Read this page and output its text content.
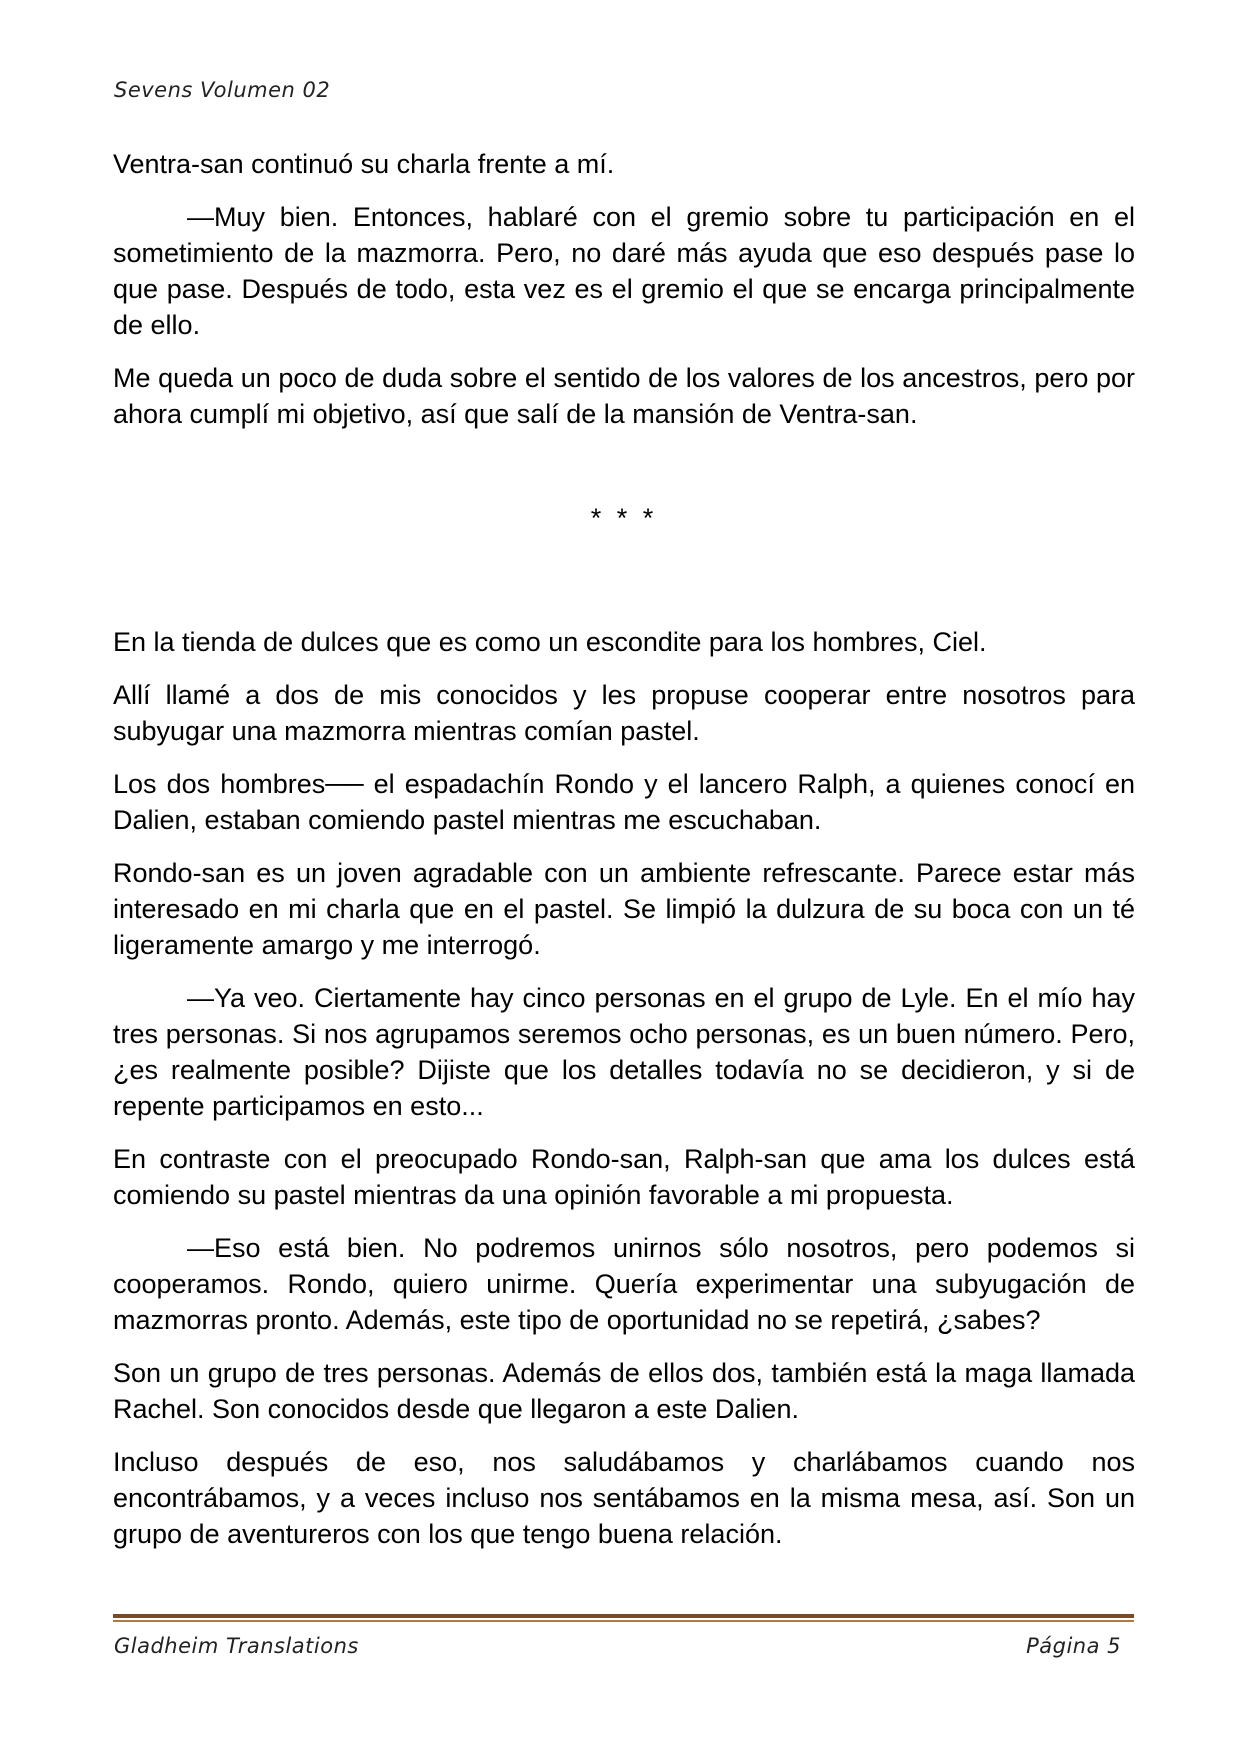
Sevens Volumen 02

Ventra-san continuó su charla frente a mí.

—Muy bien. Entonces, hablaré con el gremio sobre tu participación en el sometimiento de la mazmorra. Pero, no daré más ayuda que eso después pase lo que pase. Después de todo, esta vez es el gremio el que se encarga principalmente de ello.

Me queda un poco de duda sobre el sentido de los valores de los ancestros, pero por ahora cumplí mi objetivo, así que salí de la mansión de Ventra-san.

* * *

En la tienda de dulces que es como un escondite para los hombres, Ciel.

Allí llamé a dos de mis conocidos y les propuse cooperar entre nosotros para subyugar una mazmorra mientras comían pastel.

Los dos hombres── el espadachín Rondo y el lancero Ralph, a quienes conocí en Dalien, estaban comiendo pastel mientras me escuchaban.

Rondo-san es un joven agradable con un ambiente refrescante. Parece estar más interesado en mi charla que en el pastel. Se limpió la dulzura de su boca con un té ligeramente amargo y me interrogó.

—Ya veo. Ciertamente hay cinco personas en el grupo de Lyle. En el mío hay tres personas. Si nos agrupamos seremos ocho personas, es un buen número. Pero, ¿es realmente posible? Dijiste que los detalles todavía no se decidieron, y si de repente participamos en esto...

En contraste con el preocupado Rondo-san, Ralph-san que ama los dulces está comiendo su pastel mientras da una opinión favorable a mi propuesta.

—Eso está bien. No podremos unirnos sólo nosotros, pero podemos si cooperamos. Rondo, quiero unirme. Quería experimentar una subyugación de mazmorras pronto. Además, este tipo de oportunidad no se repetirá, ¿sabes?

Son un grupo de tres personas. Además de ellos dos, también está la maga llamada Rachel. Son conocidos desde que llegaron a este Dalien.

Incluso después de eso, nos saludábamos y charlábamos cuando nos encontrábamos, y a veces incluso nos sentábamos en la misma mesa, así. Son un grupo de aventureros con los que tengo buena relación.

Gladheim Translations	Página 5
